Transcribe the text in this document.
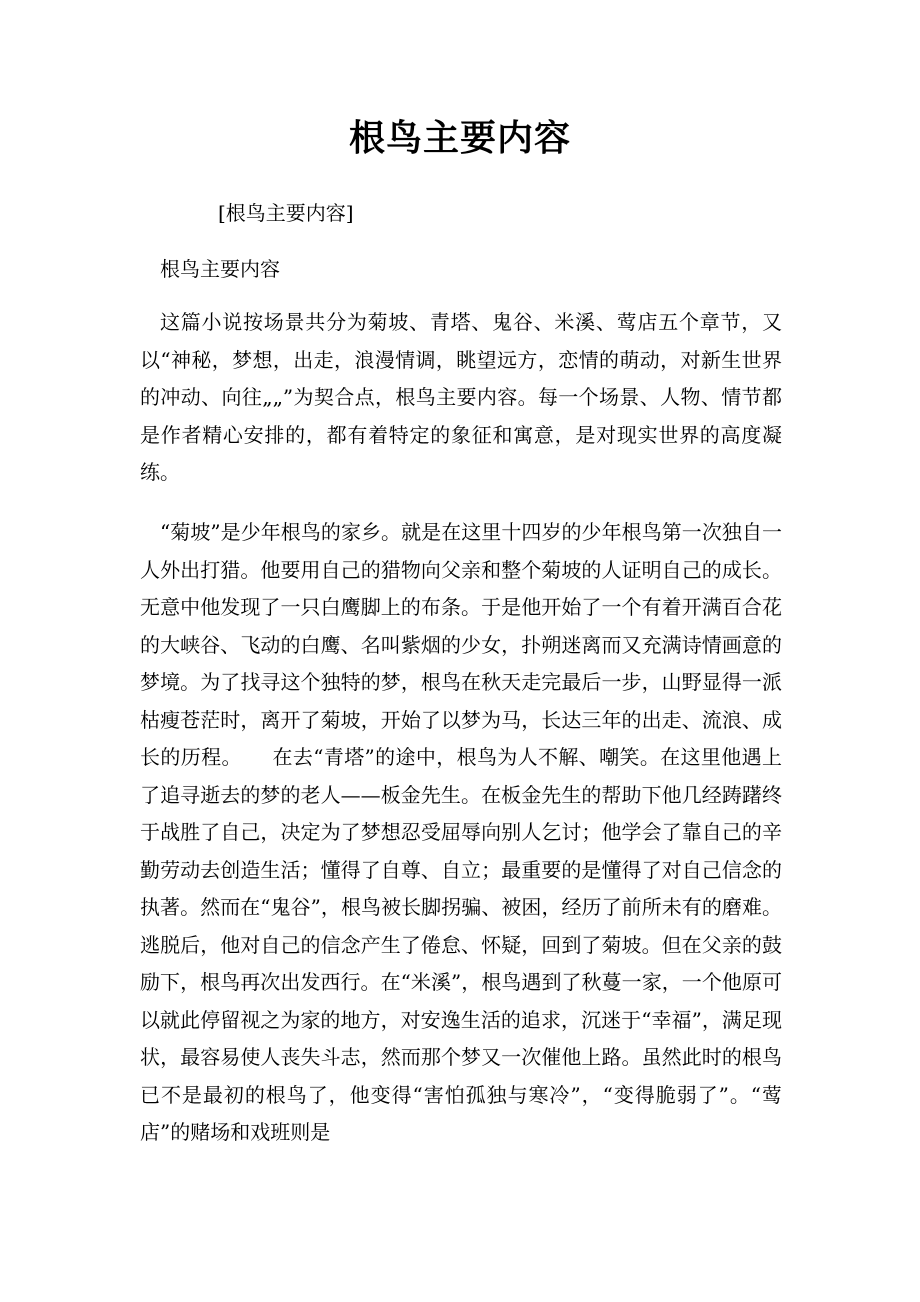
根鸟主要内容

[根鸟主要内容]

根鸟主要内容

这篇小说按场景共分为菊坡、青塔、鬼谷、米溪、莺店五个章节，又以“神秘，梦想，出走，浪漫情调，眺望远方，恋情的萌动，对新生世界的冲动、向往„„”为契合点，根鸟主要内容。每一个场景、人物、情节都是作者精心安排的，都有着特定的象征和寓意，是对现实世界的高度凝练。

“菊坡”是少年根鸟的家乡。就是在这里十四岁的少年根鸟第一次独自一人外出打猎。他要用自己的猎物向父亲和整个菊坡的人证明自己的成长。无意中他发现了一只白鹰脚上的布条。于是他开始了一个有着开满百合花的大峡谷、飞动的白鹰、名叫紫烟的少女，扑朔迷离而又充满诗情画意的梦境。为了找寻这个独特的梦，根鸟在秋天走完最后一步，山野显得一派枯瘦苍茫时，离开了菊坡，开始了以梦为马，长达三年的出走、流浪、成长的历程。　　在去“青塔”的途中，根鸟为人不解、嘲笑。在这里他遇上了追寻逝去的梦的老人——板金先生。在板金先生的帮助下他几经踌躇终于战胜了自己，决定为了梦想忍受屈辱向别人乞讨；他学会了靠自己的辛勤劳动去创造生活；懂得了自尊、自立；最重要的是懂得了对自己信念的执著。然而在“鬼谷”，根鸟被长脚拐骗、被困，经历了前所未有的磨难。逃脱后，他对自己的信念产生了倦怠、怀疑，回到了菊坡。但在父亲的鼓励下，根鸟再次出发西行。在“米溪”，根鸟遇到了秋蔓一家，一个他原可以就此停留视之为家的地方，对安逸生活的追求，沉迷于“幸福”，满足现状，最容易使人丧失斗志，然而那个梦又一次催他上路。虽然此时的根鸟已不是最初的根鸟了，他变得“害怕孤独与寒冷”，“变得脆弱了”。“莺店”的赌场和戏班则是
